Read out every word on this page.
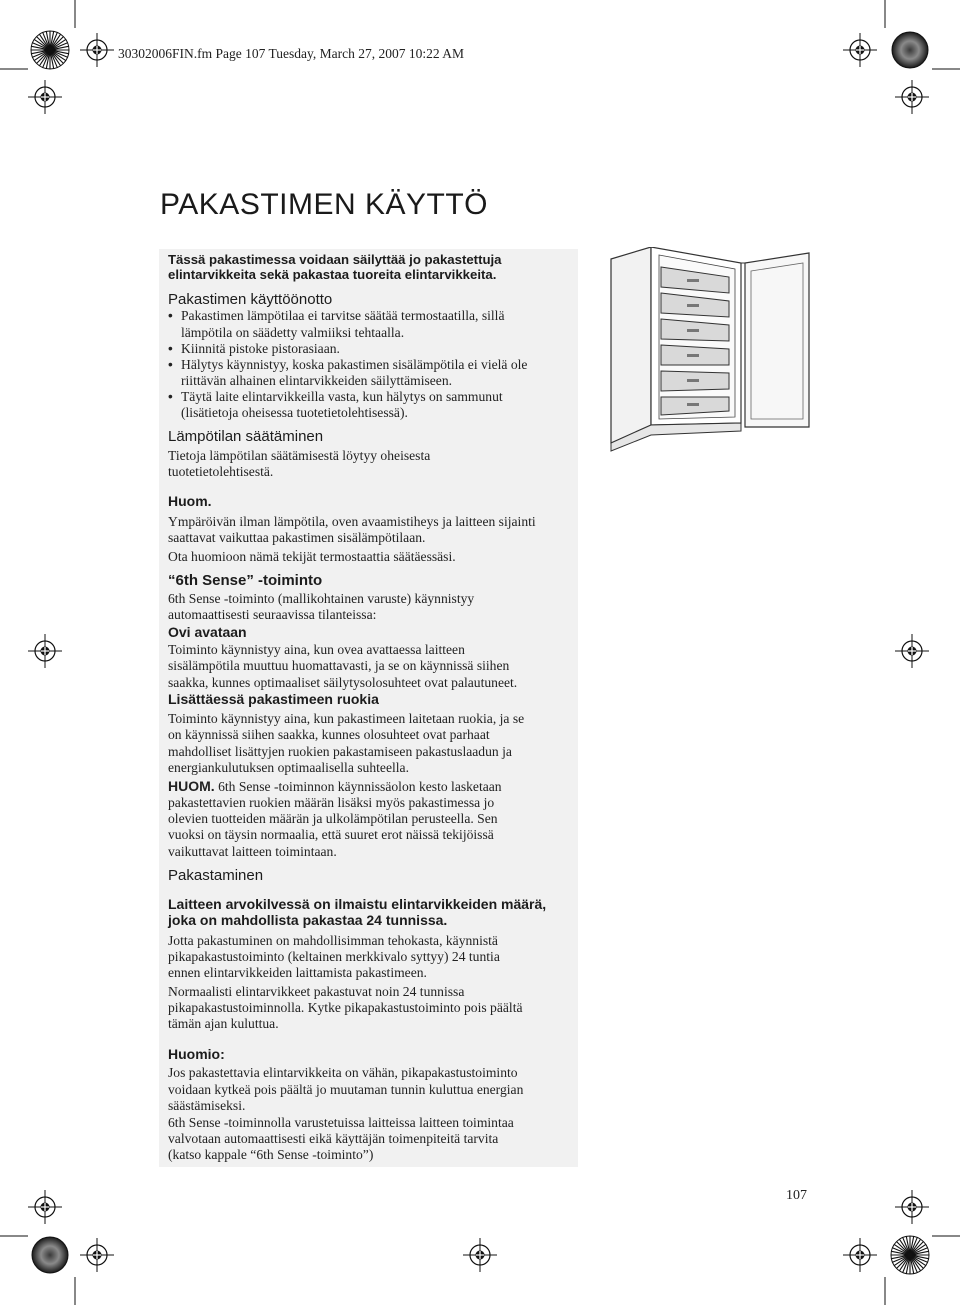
30302006FIN.fm Page 107 Tuesday, March 27, 2007 10:22 AM
PAKASTIMEN KÄYTTÖ

Tässä pakastimessa voidaan säilyttää jo pakastettuja

elintarvikkeita sekä pakastaa tuoreita elintarvikkeita.

Pakastimen käyttöönotto

• Pakastimen lämpötilaa ei tarvitse säätää termostaatilla, sillä

lämpötila on säädetty valmiiksi tehtaalla.

• Kiinnitä pistoke pistorasiaan.

• Hälytys käynnistyy, koska pakastimen sisälämpötila ei vielä ole

riittävän alhainen elintarvikkeiden säilyttämiseen.

• Täytä laite elintarvikkeilla vasta, kun hälytys on sammunut

(lisätietoja oheisessa tuotetietolehtisessä).

Lämpötilan säätäminen

Tietoja lämpötilan säätämisestä löytyy oheisesta

tuotetietolehtisestä.

Huom.

Ympäröivän ilman lämpötila, oven avaamistiheys ja laitteen sijainti

saattavat vaikuttaa pakastimen sisälämpötilaan.

Ota huomioon nämä tekijät termostaattia säätäessäsi.

“6th Sense” -toiminto

6th Sense -toiminto (mallikohtainen varuste) käynnistyy

automaattisesti seuraavissa tilanteissa:

Ovi avataan

Toiminto käynnistyy aina, kun ovea avattaessa laitteen

sisälämpötila muuttuu huomattavasti, ja se on käynnissä siihen

saakka, kunnes optimaaliset säilytysolosuhteet ovat palautuneet.

Lisättäessä pakastimeen ruokia

Toiminto käynnistyy aina, kun pakastimeen laitetaan ruokia, ja se

on käynnissä siihen saakka, kunnes olosuhteet ovat parhaat

mahdolliset lisättyjen ruokien pakastamiseen pakastuslaadun ja

energiankulutuksen optimaalisella suhteella.

HUOM. 6th Sense -toiminnon käynnissäolon kesto lasketaan

pakastettavien ruokien määrän lisäksi myös pakastimessa jo

olevien tuotteiden määrän ja ulkolämpötilan perusteella. Sen

vuoksi on täysin normaalia, että suuret erot näissä tekijöissä

vaikuttavat laitteen toimintaan.

Pakastaminen

Laitteen arvokilvessä on ilmaistu elintarvikkeiden määrä,

joka on mahdollista pakastaa 24 tunnissa.

Jotta pakastuminen on mahdollisimman tehokasta, käynnistä

pikapakastustoiminto (keltainen merkkivalo syttyy) 24 tuntia

ennen elintarvikkeiden laittamista pakastimeen.

Normaalisti elintarvikkeet pakastuvat noin 24 tunnissa

pikapakastustoiminnolla. Kytke pikapakastustoiminto pois päältä

tämän ajan kuluttua.

Huomio:

Jos pakastettavia elintarvikkeita on vähän, pikapakastustoiminto

voidaan kytkeä pois päältä jo muutaman tunnin kuluttua energian

säästämiseksi.

6th Sense -toiminnolla varustetuissa laitteissa laitteen toimintaa

valvotaan automaattisesti eikä käyttäjän toimenpiteitä tarvita

(katso kappale “6th Sense -toiminto”)

107
